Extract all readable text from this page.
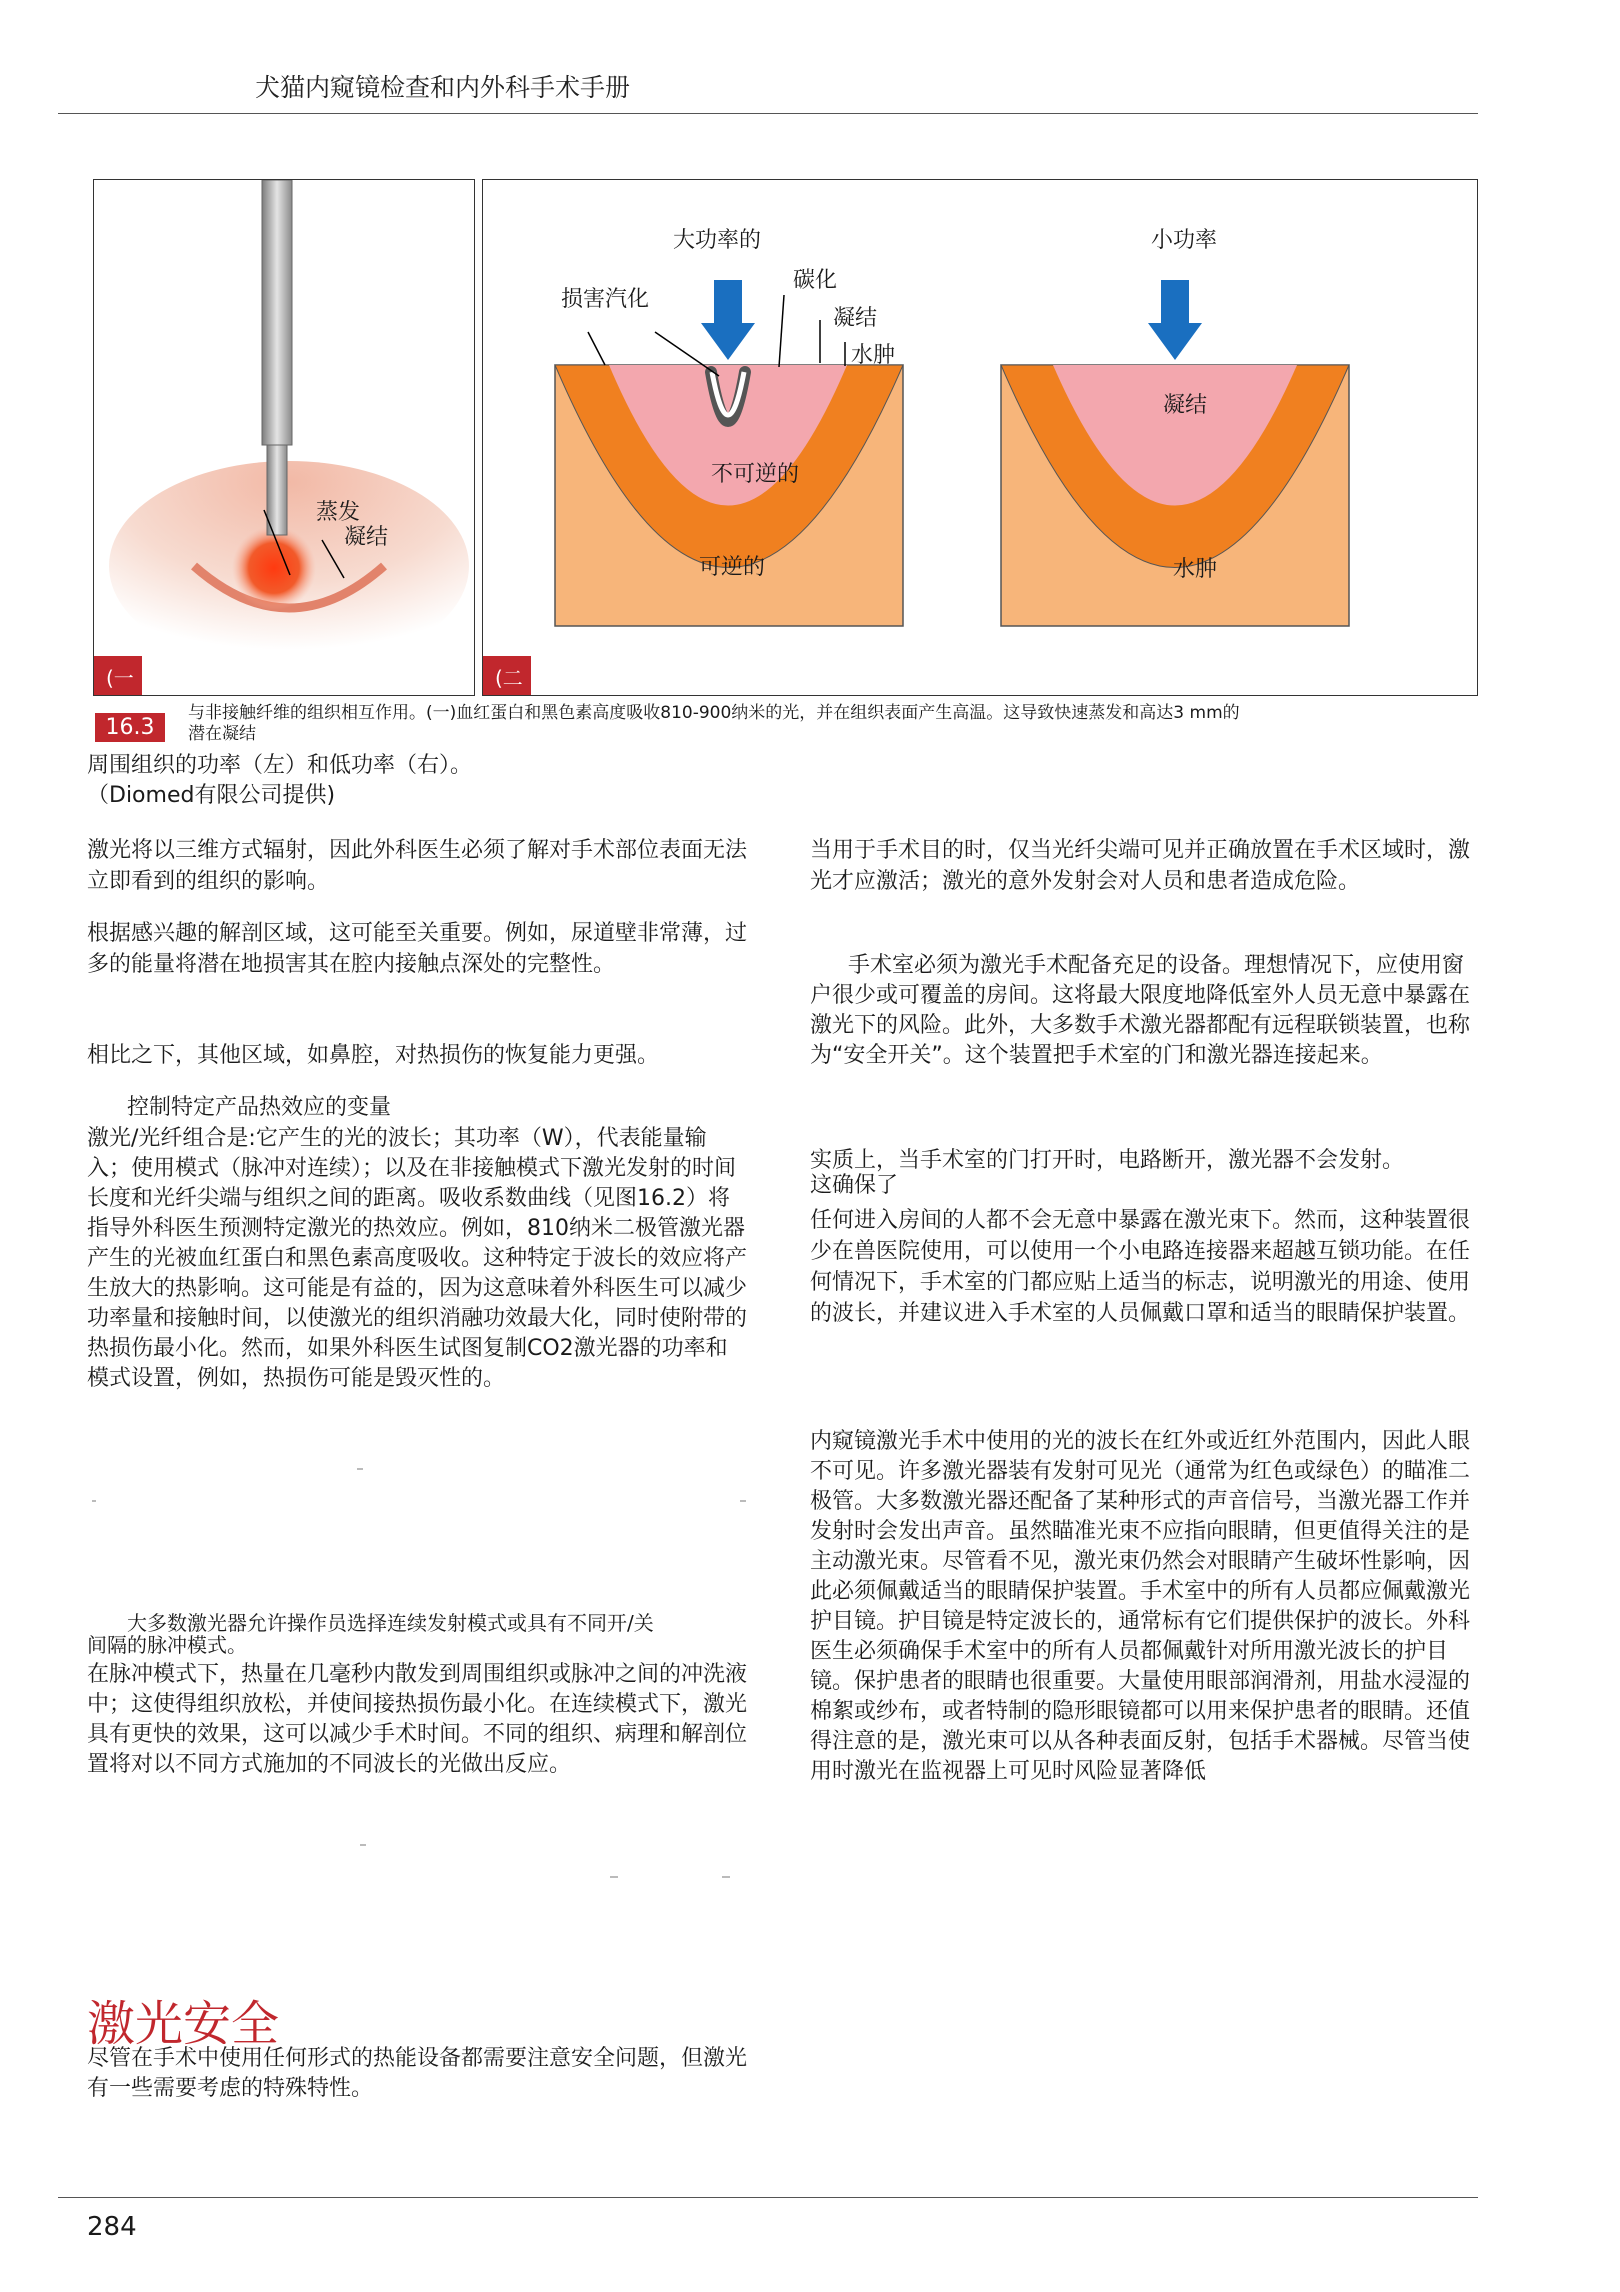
犬猫内窥镜检查和内外科手术手册
蒸发
凝结
(一
大功率的	小功率
损害汽化
碳化
凝结
水肿
不可逆的
可逆的
凝结
水肿
(二
16.3
与非接触纤维的组织相互作用。(一)血红蛋白和黑色素高度吸收810-900纳米的光，并在组织表面产生高温。这导致快速蒸发和高达3 mm的
潜在凝结
周围组织的功率（左）和低功率（右）。
（Diomed有限公司提供)
激光将以三维方式辐射，因此外科医生必须了解对手术部位表面无法立即看到的组织的影响。
根据感兴趣的解剖区域，这可能至关重要。例如，尿道壁非常薄，过多的能量将潜在地损害其在腔内接触点深处的完整性。
相比之下，其他区域，如鼻腔，对热损伤的恢复能力更强。
控制特定产品热效应的变量
激光/光纤组合是:它产生的光的波长；其功率（W），代表能量输入；使用模式（脉冲对连续）；以及在非接触模式下激光发射的时间长度和光纤尖端与组织之间的距离。吸收系数曲线（见图16.2）将指导外科医生预测特定激光的热效应。例如，810纳米二极管激光器产生的光被血红蛋白和黑色素高度吸收。这种特定于波长的效应将产生放大的热影响。这可能是有益的，因为这意味着外科医生可以减少功率量和接触时间，以使激光的组织消融功效最大化，同时使附带的热损伤最小化。然而，如果外科医生试图复制CO2激光器的功率和模式设置，例如，热损伤可能是毁灭性的。
大多数激光器允许操作员选择连续发射模式或具有不同开/关
间隔的脉冲模式。
在脉冲模式下，热量在几毫秒内散发到周围组织或脉冲之间的冲洗液中；这使得组织放松，并使间接热损伤最小化。在连续模式下，激光具有更快的效果，这可以减少手术时间。不同的组织、病理和解剖位置将对以不同方式施加的不同波长的光做出反应。
激光安全
尽管在手术中使用任何形式的热能设备都需要注意安全问题，但激光有一些需要考虑的特殊特性。
当用于手术目的时，仅当光纤尖端可见并正确放置在手术区域时，激光才应激活；激光的意外发射会对人员和患者造成危险。
手术室必须为激光手术配备充足的设备。理想情况下，应使用窗户很少或可覆盖的房间。这将最大限度地降低室外人员无意中暴露在激光下的风险。此外，大多数手术激光器都配有远程联锁装置，也称为“安全开关”。这个装置把手术室的门和激光器连接起来。
实质上，当手术室的门打开时，电路断开，激光器不会发射。
这确保了
任何进入房间的人都不会无意中暴露在激光束下。然而，这种装置很少在兽医院使用，可以使用一个小电路连接器来超越互锁功能。在任何情况下，手术室的门都应贴上适当的标志，说明激光的用途、使用的波长，并建议进入手术室的人员佩戴口罩和适当的眼睛保护装置。
内窥镜激光手术中使用的光的波长在红外或近红外范围内，因此人眼不可见。许多激光器装有发射可见光（通常为红色或绿色）的瞄准二极管。大多数激光器还配备了某种形式的声音信号，当激光器工作并发射时会发出声音。虽然瞄准光束不应指向眼睛，但更值得关注的是主动激光束。尽管看不见，激光束仍然会对眼睛产生破坏性影响，因此必须佩戴适当的眼睛保护装置。手术室中的所有人员都应佩戴激光护目镜。护目镜是特定波长的，通常标有它们提供保护的波长。外科医生必须确保手术室中的所有人员都佩戴针对所用激光波长的护目镜。保护患者的眼睛也很重要。大量使用眼部润滑剂，用盐水浸湿的棉絮或纱布，或者特制的隐形眼镜都可以用来保护患者的眼睛。还值得注意的是，激光束可以从各种表面反射，包括手术器械。尽管当使用时激光在监视器上可见时风险显著降低
284
